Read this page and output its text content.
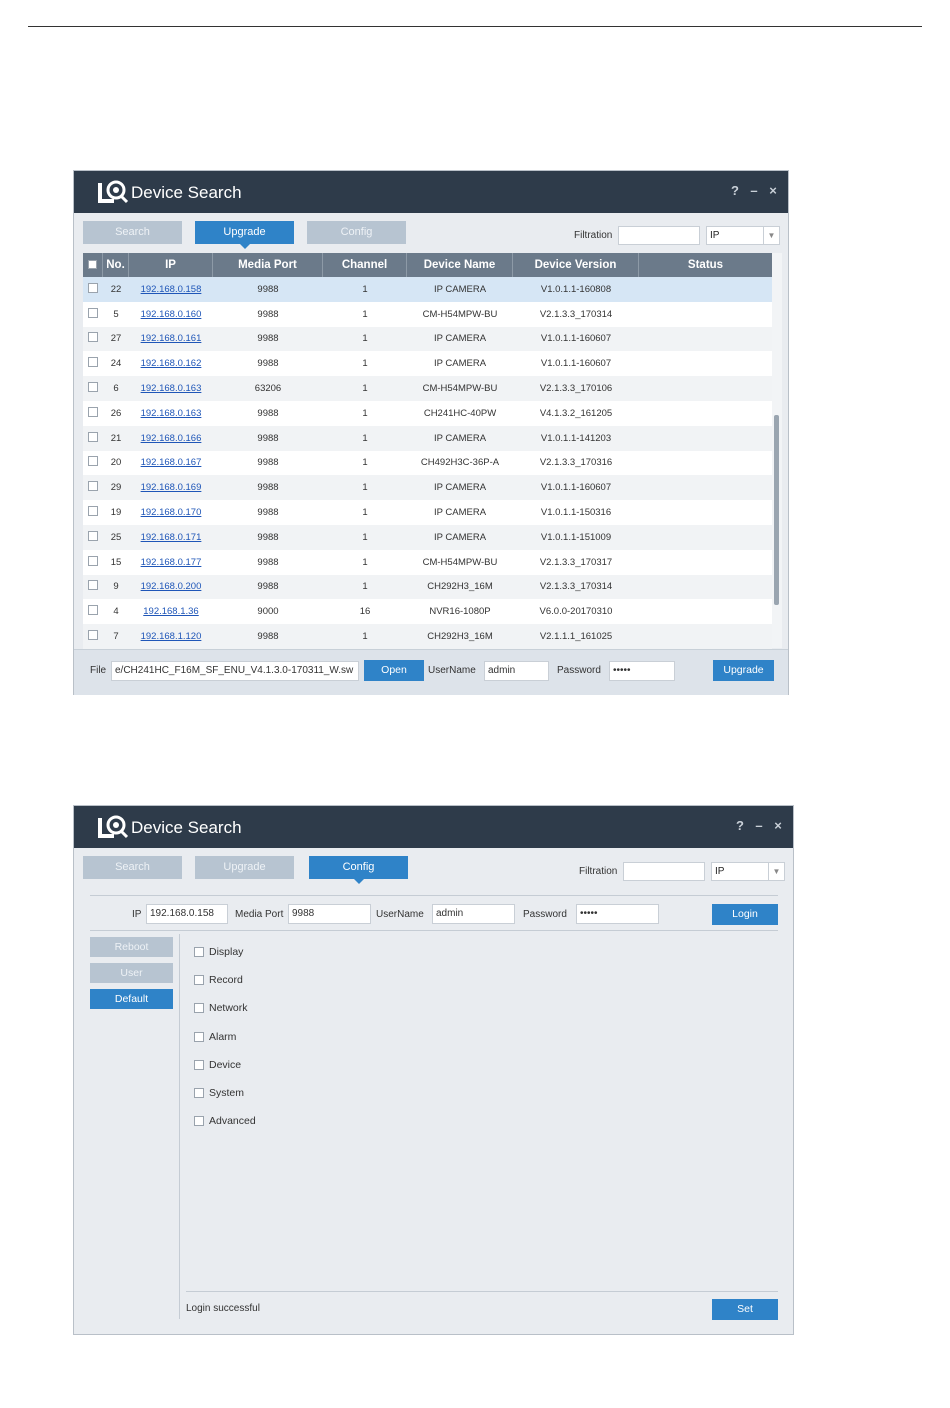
Device Search	? – ×
Search	Upgrade	Config	Filtration	IP	▼
No.	IP	Media Port	Channel	Device Name	Device Version	Status
22	192.168.0.158	9988	1	IP CAMERA	V1.0.1.1-160808
5	192.168.0.160	9988	1	CM-H54MPW-BU	V2.1.3.3_170314
27	192.168.0.161	9988	1	IP CAMERA	V1.0.1.1-160607
24	192.168.0.162	9988	1	IP CAMERA	V1.0.1.1-160607
6	192.168.0.163	63206	1	CM-H54MPW-BU	V2.1.3.3_170106
26	192.168.0.163	9988	1	CH241HC-40PW	V4.1.3.2_161205
21	192.168.0.166	9988	1	IP CAMERA	V1.0.1.1-141203
20	192.168.0.167	9988	1	CH492H3C-36P-A	V2.1.3.3_170316
29	192.168.0.169	9988	1	IP CAMERA	V1.0.1.1-160607
19	192.168.0.170	9988	1	IP CAMERA	V1.0.1.1-150316
25	192.168.0.171	9988	1	IP CAMERA	V1.0.1.1-151009
15	192.168.0.177	9988	1	CM-H54MPW-BU	V2.1.3.3_170317
9	192.168.0.200	9988	1	CH292H3_16M	V2.1.3.3_170314
4	192.168.1.36	9000	16	NVR16-1080P	V6.0.0-20170310
7	192.168.1.120	9988	1	CH292H3_16M	V2.1.1.1_161025
File e/CH241HC_F16M_SF_ENU_V4.1.3.0-170311_W.sw	Open	UserName	admin	Password	•••••	Upgrade
Device Search	? – ×
Search	Upgrade	Config	Filtration	IP	▼
IP 192.168.0.158	Media Port 9988	UserName	admin	Password	•••••	Login
Reboot
User
Default
Display
Record
Network
Alarm
Device
System
Advanced
Login successful	Set
